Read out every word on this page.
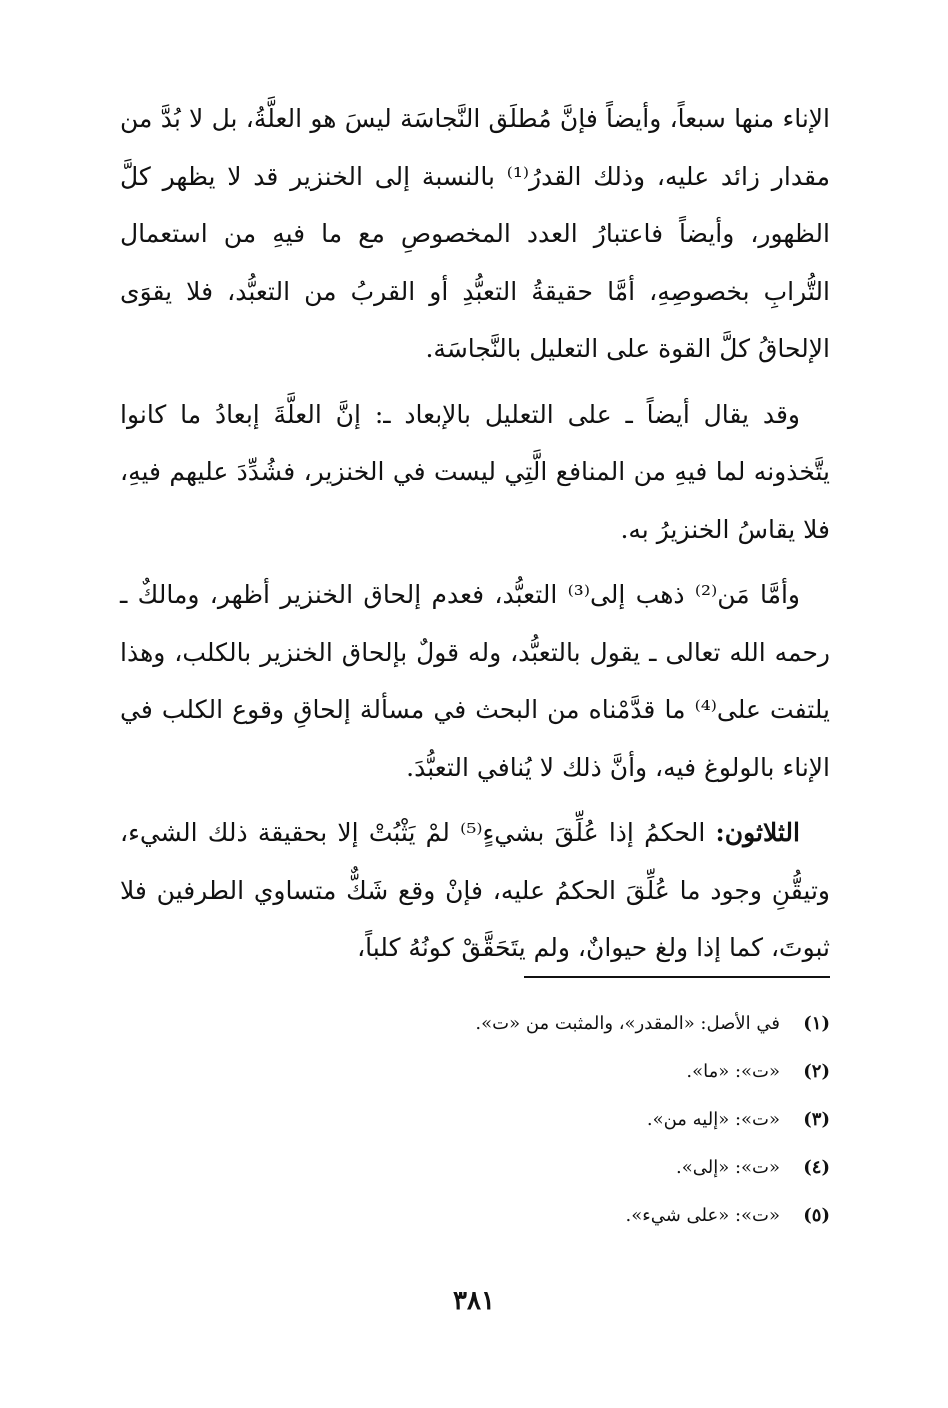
الإناء منها سبعاً، وأيضاً فإنَّ مُطلَق النَّجاسَة ليسَ هو العلَّةُ، بل لا بُدَّ من مقدار زائد عليه، وذلك القدرُ⁽¹⁾ بالنسبة إلى الخنزير قد لا يظهر كلَّ الظهور، وأيضاً فاعتبارُ العدد المخصوصِ مع ما فيهِ من استعمال التُّرابِ بخصوصِهِ، أمَّا حقيقةُ التعبُّدِ أو القربُ من التعبُّد، فلا يقوَى الإلحاقُ كلَّ القوة على التعليل بالنَّجاسَة.

وقد يقال أيضاً ـ على التعليل بالإبعاد ـ: إنَّ العلَّةَ إبعادُ ما كانوا يتَّخذونه لما فيهِ من المنافع الَّتِي ليست في الخنزير، فشُدِّدَ عليهم فيهِ، فلا يقاسُ الخنزيرُ به.

وأمَّا مَن⁽²⁾ ذهب إلى⁽³⁾ التعبُّد، فعدم إلحاق الخنزير أظهر، ومالكٌ ـ رحمه الله تعالى ـ يقول بالتعبُّد، وله قولٌ بإلحاق الخنزير بالكلب، وهذا يلتفت على⁽⁴⁾ ما قدَّمْناه من البحث في مسألة إلحاقِ وقوع الكلب في الإناء بالولوغ فيه، وأنَّ ذلك لا يُنافي التعبُّدَ.

الثلاثون: الحكمُ إذا عُلِّقَ بشيءٍ⁽⁵⁾ لمْ يَثْبُتْ إلا بحقيقة ذلك الشيء، وتيقُّنِ وجود ما عُلِّقَ الحكمُ عليه، فإنْ وقع شَكٌّ متساوي الطرفين فلا ثبوتَ، كما إذا ولغ حيوانٌ، ولم يتَحَقَّقْ كونُهُ كلباً،

(١)
في الأصل: «المقدر»، والمثبت من «ت».
(٢)
«ت»: «ما».
(٣)
«ت»: «إليه من».
(٤)
«ت»: «إلى».
(٥)
«ت»: «على شيء».
٣٨١
